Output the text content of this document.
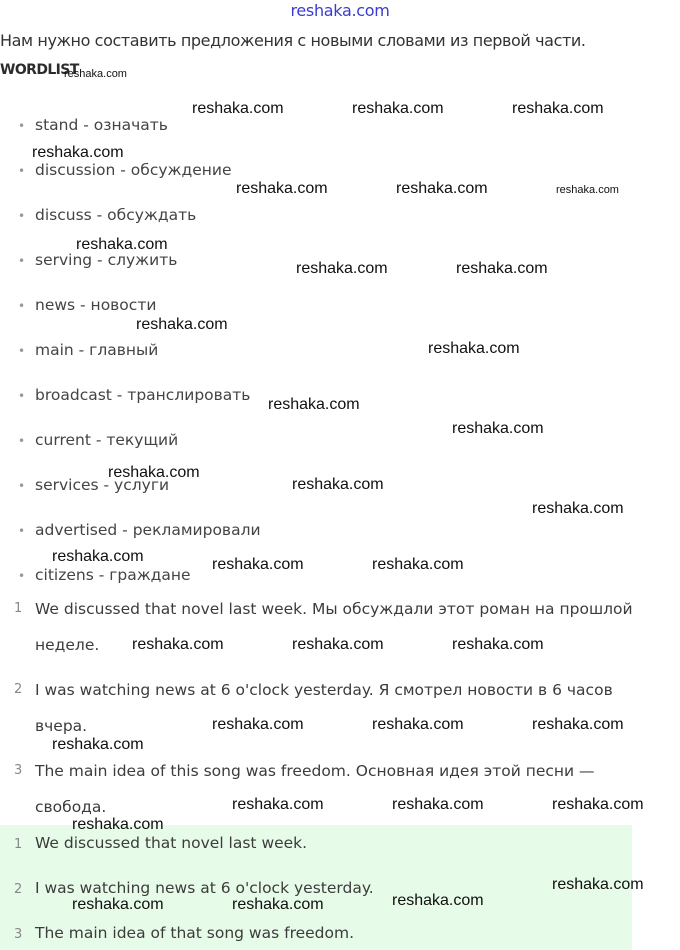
reshaka.com
Нам нужно составить предложения с новыми словами из первой части.
WORDLIST
• stand - означать
• discussion - обсуждение
• discuss - обсуждать
• serving - служить
• news - новости
• main - главный
• broadcast - транслировать
• current - текущий
• services - услуги
• advertised - рекламировали
• citizens - граждане
1 We discussed that novel last week. Мы обсуждали этот роман на прошлой неделе.
2 I was watching news at 6 o'clock yesterday. Я смотрел новости в 6 часов вчера.
3 The main idea of this song was freedom. Основная идея этой песни — свобода.
1 We discussed that novel last week.
2 I was watching news at 6 o'clock yesterday.
3 The main idea of that song was freedom.
reshaka.com
reshaka.com	reshaka.com	reshaka.com
reshaka.com
reshaka.com	reshaka.com	reshaka.com
reshaka.com
reshaka.com	reshaka.com
reshaka.com
reshaka.com
reshaka.com
reshaka.com
reshaka.com
reshaka.com
reshaka.com
reshaka.com	reshaka.com	reshaka.com
reshaka.com	reshaka.com	reshaka.com
reshaka.com	reshaka.com	reshaka.com
reshaka.com
reshaka.com	reshaka.com	reshaka.com
reshaka.com
reshaka.com
reshaka.com	reshaka.com	reshaka.com
